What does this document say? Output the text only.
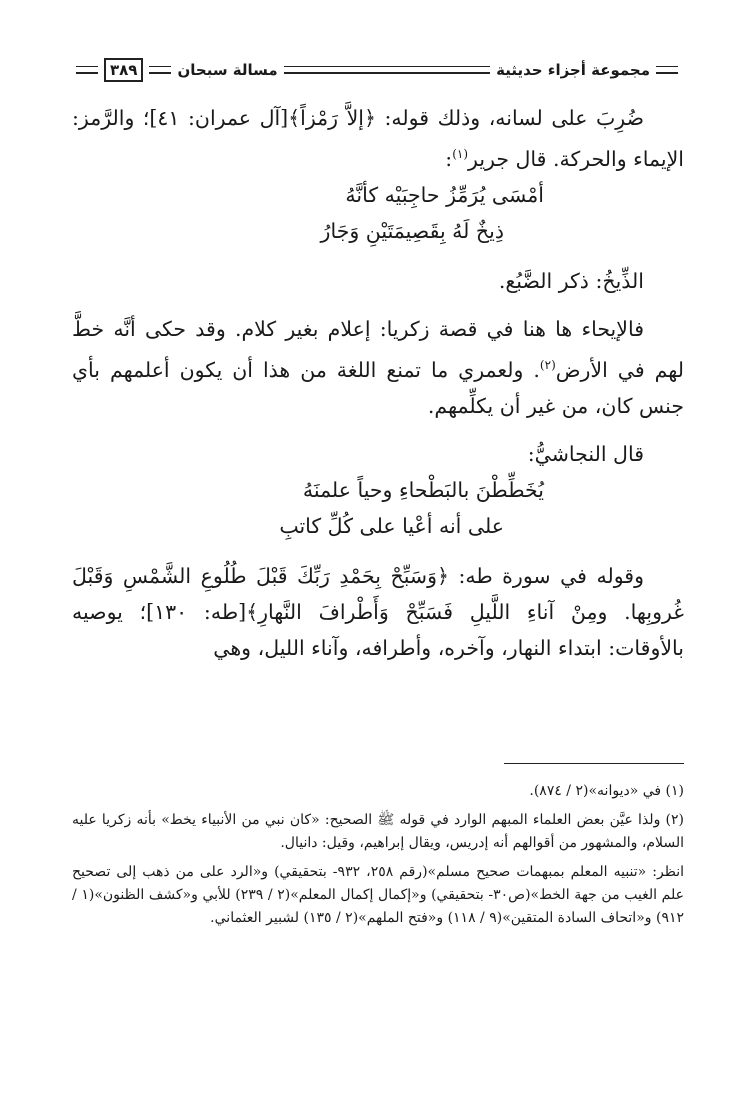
مجموعة أجزاء حديثية
مسالة سبحان
٣٨٩

ضُرِبَ على لسانه، وذلك قوله: ﴿إلاَّ رَمْزاً﴾[آل عمران: ٤١]؛ والرَّمز: الإيماء والحركة. قال جرير$^{(١)}$:

أمْسَى يُرَمِّزُ حاجِبَيْه كأنَّهُ

ذِيخٌ لَهُ بِقَصِيمَتَيْنِ وَجَارُ

الذِّيخُ: ذكر الضَّبُع.

فالإيحاء ها هنا في قصة زكريا: إعلام بغير كلام. وقد حكى أنَّه خطَّ لهم في الأرض$^{(٢)}$. ولعمري ما تمنع اللغة من هذا أن يكون أعلمهم بأي جنس كان، من غير أن يكلِّمهم.

قال النجاشيُّ:

يُخَطِّطْنَ بالبَطْحاءِ وحياً علمنَهُ

على أنه أعْيا على كُلِّ كاتبِ

وقوله في سورة طه: ﴿وَسَبِّحْ بِحَمْدِ رَبِّكَ قَبْلَ طُلُوعِ الشَّمْسِ وَقَبْلَ غُروبِها. ومِنْ آناءِ اللَّيلِ فَسَبِّحْ وَأَطْرافَ النَّهارِ﴾[طه: ١٣٠]؛ يوصيه بالأوقات: ابتداء النهار، وآخره، وأطرافه، وآناء الليل، وهي

(١) في «ديوانه»(٢ / ٨٧٤).

(٢) ولذا عيَّن بعض العلماء المبهم الوارد في قوله ﷺ الصحيح: «كان نبي من الأنبياء يخط» بأنه زكريا عليه السلام، والمشهور من أقوالهم أنه إدريس، ويقال إبراهيم، وقيل: دانيال.

انظر: «تنبيه المعلم بمبهمات صحيح مسلم»(رقم ٢٥٨، ٩٣٢- بتحقيقي) و«الرد على من ذهب إلى تصحيح علم الغيب من جهة الخط»(ص٣٠- بتحقيقي) و«إكمال إكمال المعلم»(٢ / ٢٣٩) للأبي و«كشف الظنون»(١ / ٩١٢) و«اتحاف السادة المتقين»(٩ / ١١٨) و«فتح الملهم»(٢ / ١٣٥) لشبير العثماني.
